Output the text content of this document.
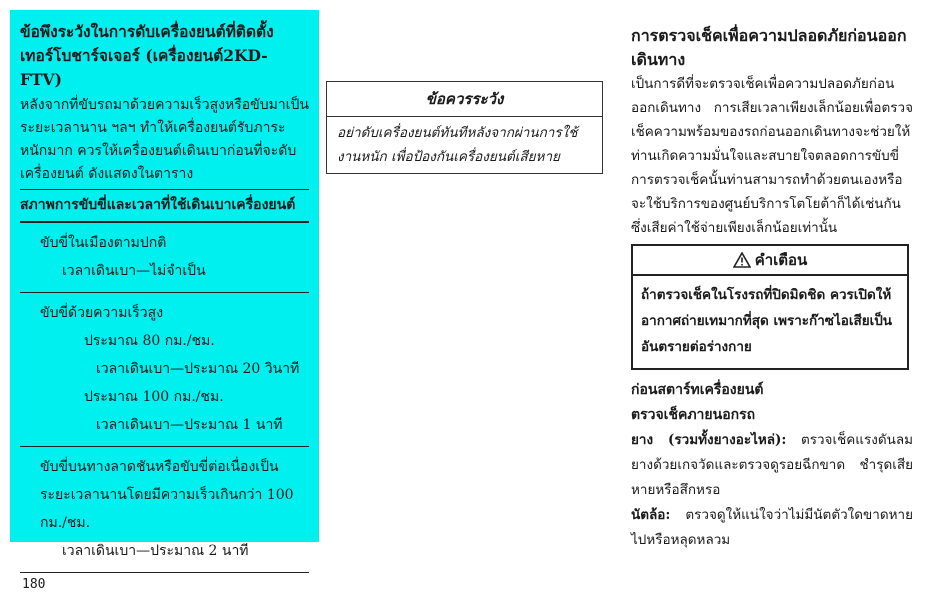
ข้อพึงระวังในการดับเครื่องยนต์ที่ติดตั้งเทอร์โบชาร์จเจอร์ (เครื่องยนต์2KD-FTV)

หลังจากที่ขับรถมาด้วยความเร็วสูงหรือขับมาเป็นระยะเวลานาน ฯลฯ ทำให้เครื่องยนต์รับภาระหนักมาก ควรให้เครื่องยนต์เดินเบาก่อนที่จะดับเครื่องยนต์ ดังแสดงในตาราง

สภาพการขับขี่และเวลาที่ใช้เดินเบาเครื่องยนต์

ขับขี่ในเมืองตามปกติ

เวลาเดินเบา—ไม่จำเป็น

ขับขี่ด้วยความเร็วสูง

ประมาณ 80 กม./ชม.

เวลาเดินเบา—ประมาณ 20 วินาที

ประมาณ 100 กม./ชม.

เวลาเดินเบา—ประมาณ 1 นาที

ขับขี่บนทางลาดชันหรือขับขี่ต่อเนื่องเป็น

ระยะเวลานานโดยมีความเร็วเกินกว่า 100

กม./ชม.

เวลาเดินเบา—ประมาณ 2 นาที

ข้อควรระวัง
อย่าดับเครื่องยนต์ทันทีหลังจากผ่านการใช้งานหนัก เพื่อป้องกันเครื่องยนต์เสียหาย

การตรวจเช็คเพื่อความปลอดภัยก่อนออกเดินทาง

เป็นการดีที่จะตรวจเช็คเพื่อความปลอดภัยก่อนออกเดินทาง การเสียเวลาเพียงเล็กน้อยเพื่อตรวจเช็คความพร้อมของรถก่อนออกเดินทางจะช่วยให้ท่านเกิดความมั่นใจและสบายใจตลอดการขับขี่ การตรวจเช็คนั้นท่านสามารถทำด้วยตนเองหรือจะใช้บริการของศูนย์บริการโตโยต้าก็ได้เช่นกัน ซึ่งเสียค่าใช้จ่ายเพียงเล็กน้อยเท่านั้น

คำเตือน
ถ้าตรวจเช็คในโรงรถที่ปิดมิดชิด ควรเปิดให้อากาศถ่ายเทมากที่สุด เพราะก๊าซไอเสียเป็นอันตรายต่อร่างกาย

ก่อนสตาร์ทเครื่องยนต์

ตรวจเช็คภายนอกรถ

ยาง (รวมทั้งยางอะไหล่): ตรวจเช็คแรงดันลมยางด้วยเกจวัดและตรวจดูรอยฉีกขาด ชำรุดเสียหายหรือสึกหรอ

นัตล้อ: ตรวจดูให้แน่ใจว่าไม่มีนัตตัวใดขาดหายไปหรือหลุดหลวม

180
